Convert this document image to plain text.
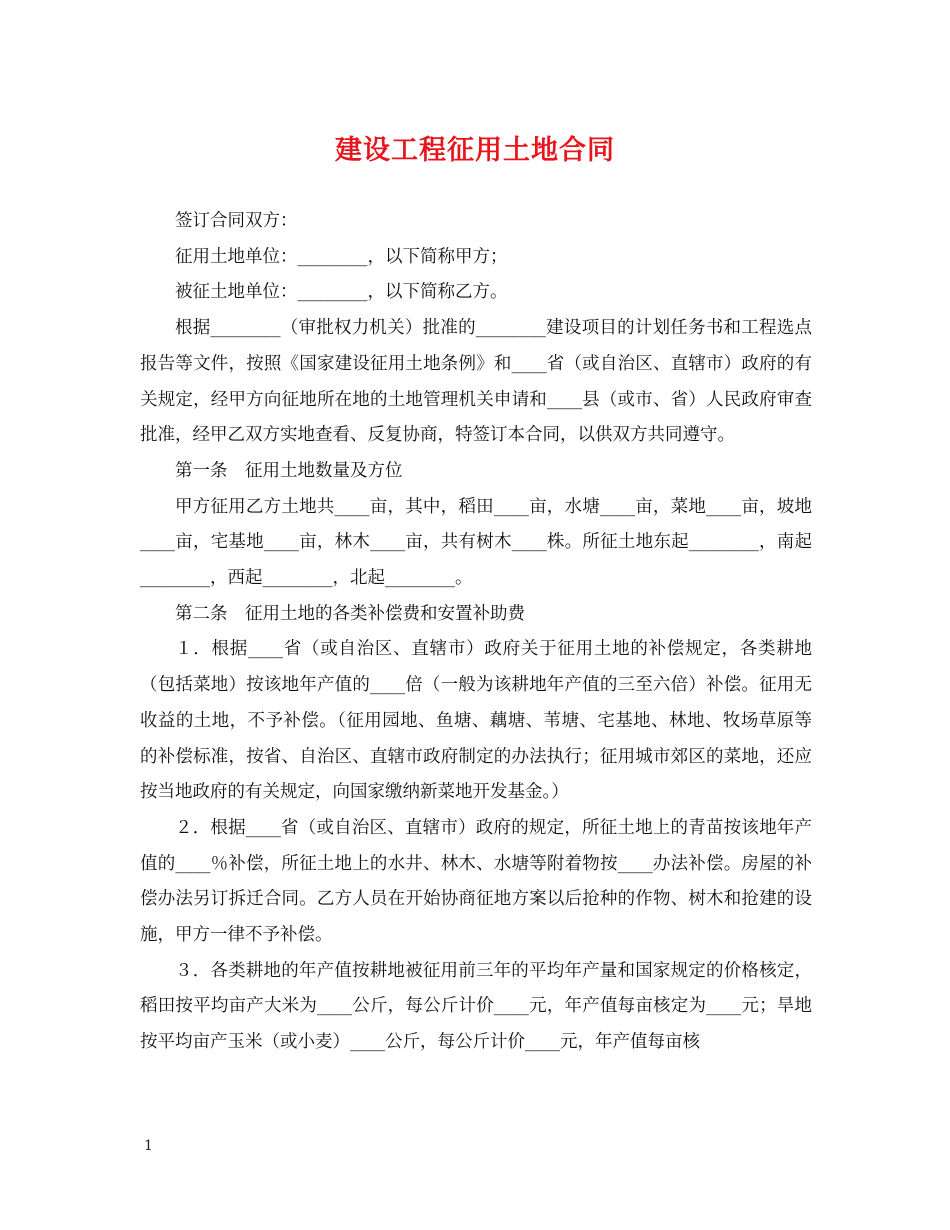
建设工程征用土地合同

签订合同双方：

征用土地单位：________，以下简称甲方；

被征土地单位：________，以下简称乙方。

根据________（审批权力机关）批准的________建设项目的计划任务书和工程选点报告等文件，按照《国家建设征用土地条例》和____省（或自治区、直辖市）政府的有关规定，经甲方向征地所在地的土地管理机关申请和____县（或市、省）人民政府审查批准，经甲乙双方实地查看、反复协商，特签订本合同，以供双方共同遵守。

第一条　征用土地数量及方位

甲方征用乙方土地共____亩，其中，稻田____亩，水塘____亩，菜地____亩，坡地____亩，宅基地____亩，林木____亩，共有树木____株。所征土地东起________，南起________，西起________，北起________。

第二条　征用土地的各类补偿费和安置补助费

１．根据____省（或自治区、直辖市）政府关于征用土地的补偿规定，各类耕地（包括菜地）按该地年产值的____倍（一般为该耕地年产值的三至六倍）补偿。征用无收益的土地，不予补偿。（征用园地、鱼塘、藕塘、苇塘、宅基地、林地、牧场草原等的补偿标准，按省、自治区、直辖市政府制定的办法执行；征用城市郊区的菜地，还应按当地政府的有关规定，向国家缴纳新菜地开发基金。）

２．根据____省（或自治区、直辖市）政府的规定，所征土地上的青苗按该地年产值的____％补偿，所征土地上的水井、林木、水塘等附着物按____办法补偿。房屋的补偿办法另订拆迁合同。乙方人员在开始协商征地方案以后抢种的作物、树木和抢建的设施，甲方一律不予补偿。

３．各类耕地的年产值按耕地被征用前三年的平均年产量和国家规定的价格核定，稻田按平均亩产大米为____公斤，每公斤计价____元，年产值每亩核定为____元；旱地按平均亩产玉米（或小麦）____公斤，每公斤计价____元，年产值每亩核

1
